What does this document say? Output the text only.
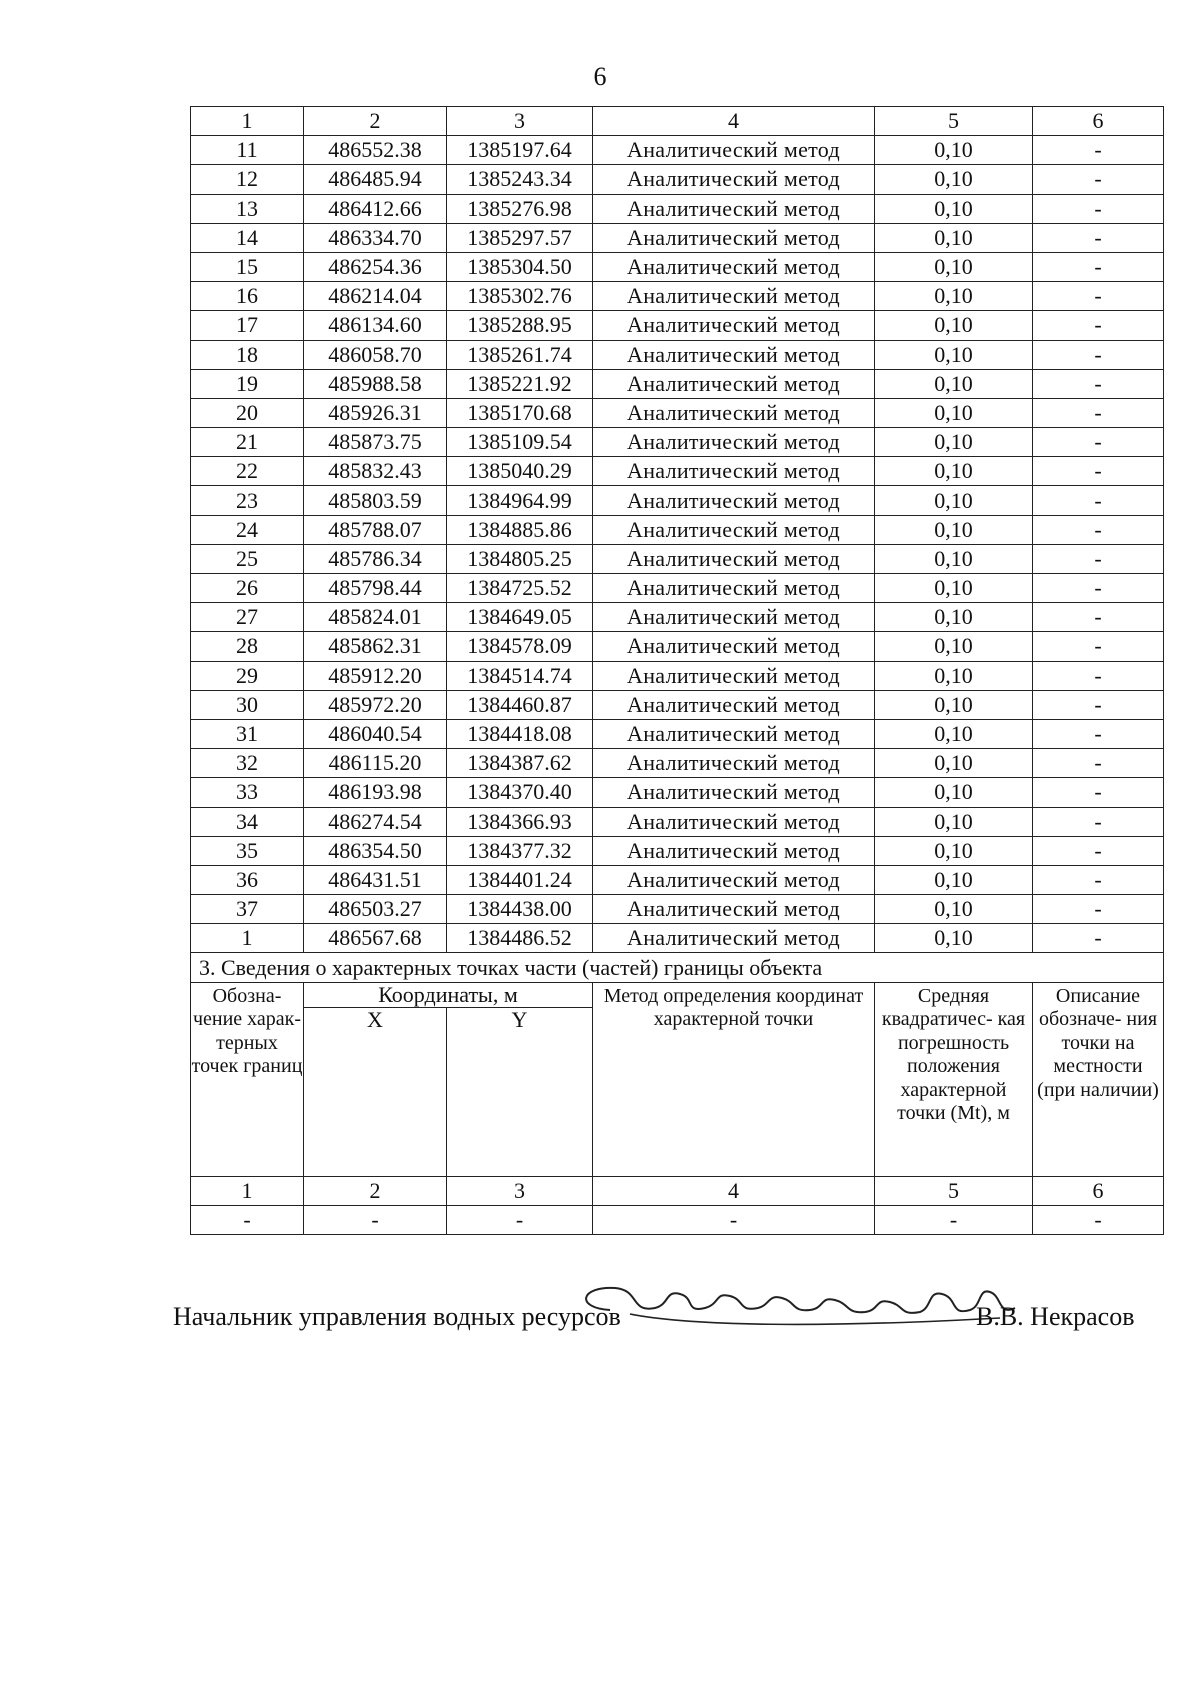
6
1	2	3	4	5	6
11	486552.38	1385197.64	Аналитический метод	0,10	-
12	486485.94	1385243.34	Аналитический метод	0,10	-
13	486412.66	1385276.98	Аналитический метод	0,10	-
14	486334.70	1385297.57	Аналитический метод	0,10	-
15	486254.36	1385304.50	Аналитический метод	0,10	-
16	486214.04	1385302.76	Аналитический метод	0,10	-
17	486134.60	1385288.95	Аналитический метод	0,10	-
18	486058.70	1385261.74	Аналитический метод	0,10	-
19	485988.58	1385221.92	Аналитический метод	0,10	-
20	485926.31	1385170.68	Аналитический метод	0,10	-
21	485873.75	1385109.54	Аналитический метод	0,10	-
22	485832.43	1385040.29	Аналитический метод	0,10	-
23	485803.59	1384964.99	Аналитический метод	0,10	-
24	485788.07	1384885.86	Аналитический метод	0,10	-
25	485786.34	1384805.25	Аналитический метод	0,10	-
26	485798.44	1384725.52	Аналитический метод	0,10	-
27	485824.01	1384649.05	Аналитический метод	0,10	-
28	485862.31	1384578.09	Аналитический метод	0,10	-
29	485912.20	1384514.74	Аналитический метод	0,10	-
30	485972.20	1384460.87	Аналитический метод	0,10	-
31	486040.54	1384418.08	Аналитический метод	0,10	-
32	486115.20	1384387.62	Аналитический метод	0,10	-
33	486193.98	1384370.40	Аналитический метод	0,10	-
34	486274.54	1384366.93	Аналитический метод	0,10	-
35	486354.50	1384377.32	Аналитический метод	0,10	-
36	486431.51	1384401.24	Аналитический метод	0,10	-
37	486503.27	1384438.00	Аналитический метод	0,10	-
1	486567.68	1384486.52	Аналитический метод	0,10	-
3. Сведения о характерных точках части (частей) границы объекта					
Обозна- чение харак- терных точек границ	Координаты, м		Метод определения координат характерной точки	Средняя квадратичес- кая погрешность положения характерной точки (Mt), м	Описание обозначе- ния точки на местности (при наличии)
	X	Y			
1	2	3	4	5	6
-	-	-	-	-	-
Начальник управления водных ресурсов	В.В. Некрасов
